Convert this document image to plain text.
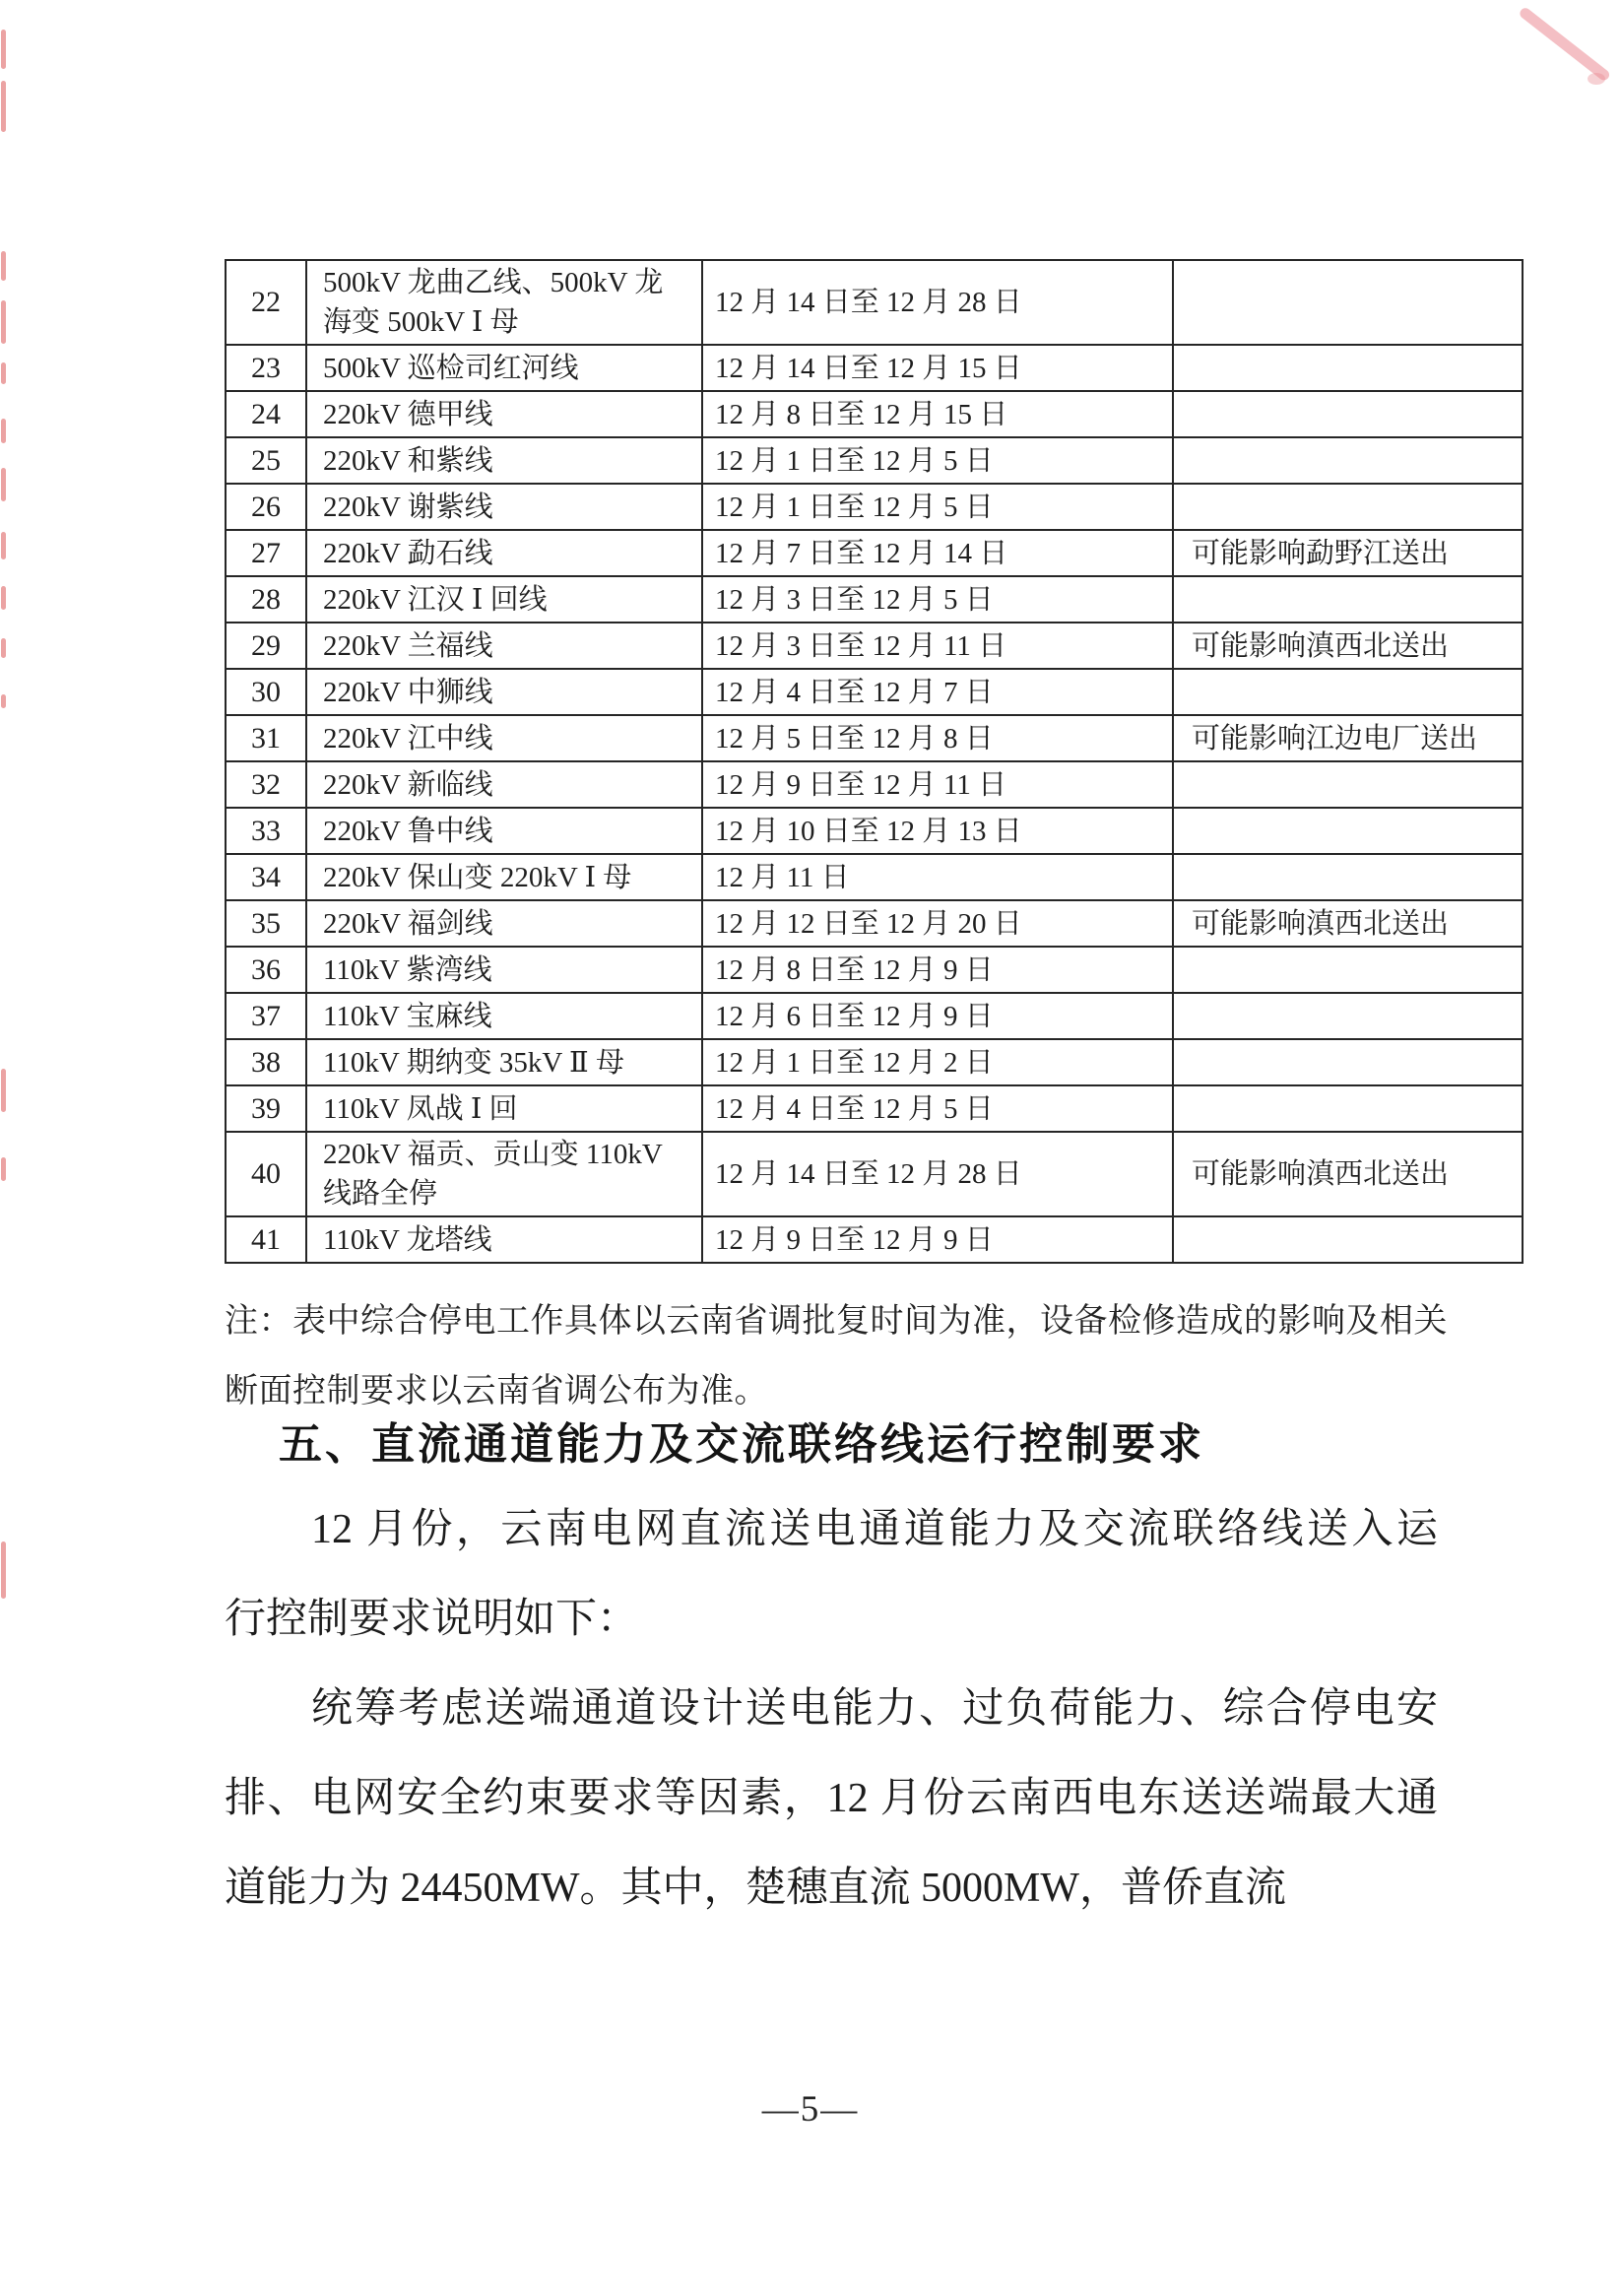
22	500kV 龙曲乙线、500kV 龙海变 500kV Ⅰ 母	12 月 14 日至 12 月 28 日	
23	500kV 巡检司红河线	12 月 14 日至 12 月 15 日	
24	220kV 德甲线	12 月 8 日至 12 月 15 日	
25	220kV 和紫线	12 月 1 日至 12 月 5 日	
26	220kV 谢紫线	12 月 1 日至 12 月 5 日	
27	220kV 勐石线	12 月 7 日至 12 月 14 日	可能影响勐野江送出
28	220kV 江汉 Ⅰ 回线	12 月 3 日至 12 月 5 日	
29	220kV 兰福线	12 月 3 日至 12 月 11 日	可能影响滇西北送出
30	220kV 中狮线	12 月 4 日至 12 月 7 日	
31	220kV 江中线	12 月 5 日至 12 月 8 日	可能影响江边电厂送出
32	220kV 新临线	12 月 9 日至 12 月 11 日	
33	220kV 鲁中线	12 月 10 日至 12 月 13 日	
34	220kV 保山变 220kV Ⅰ 母	12 月 11 日	
35	220kV 福剑线	12 月 12 日至 12 月 20 日	可能影响滇西北送出
36	110kV 紫湾线	12 月 8 日至 12 月 9 日	
37	110kV 宝麻线	12 月 6 日至 12 月 9 日	
38	110kV 期纳变 35kV Ⅱ 母	12 月 1 日至 12 月 2 日	
39	110kV 凤战 Ⅰ 回	12 月 4 日至 12 月 5 日	
40	220kV 福贡、贡山变 110kV 线路全停	12 月 14 日至 12 月 28 日	可能影响滇西北送出
41	110kV 龙塔线	12 月 9 日至 12 月 9 日	
注：表中综合停电工作具体以云南省调批复时间为准，设备检修造成的影响及相关
断面控制要求以云南省调公布为准。
五、直流通道能力及交流联络线运行控制要求
12 月份，云南电网直流送电通道能力及交流联络线送入运
行控制要求说明如下：
统筹考虑送端通道设计送电能力、过负荷能力、综合停电安
排、电网安全约束要求等因素，12 月份云南西电东送送端最大通
道能力为 24450MW。其中，楚穗直流 5000MW，普侨直流
—5—
